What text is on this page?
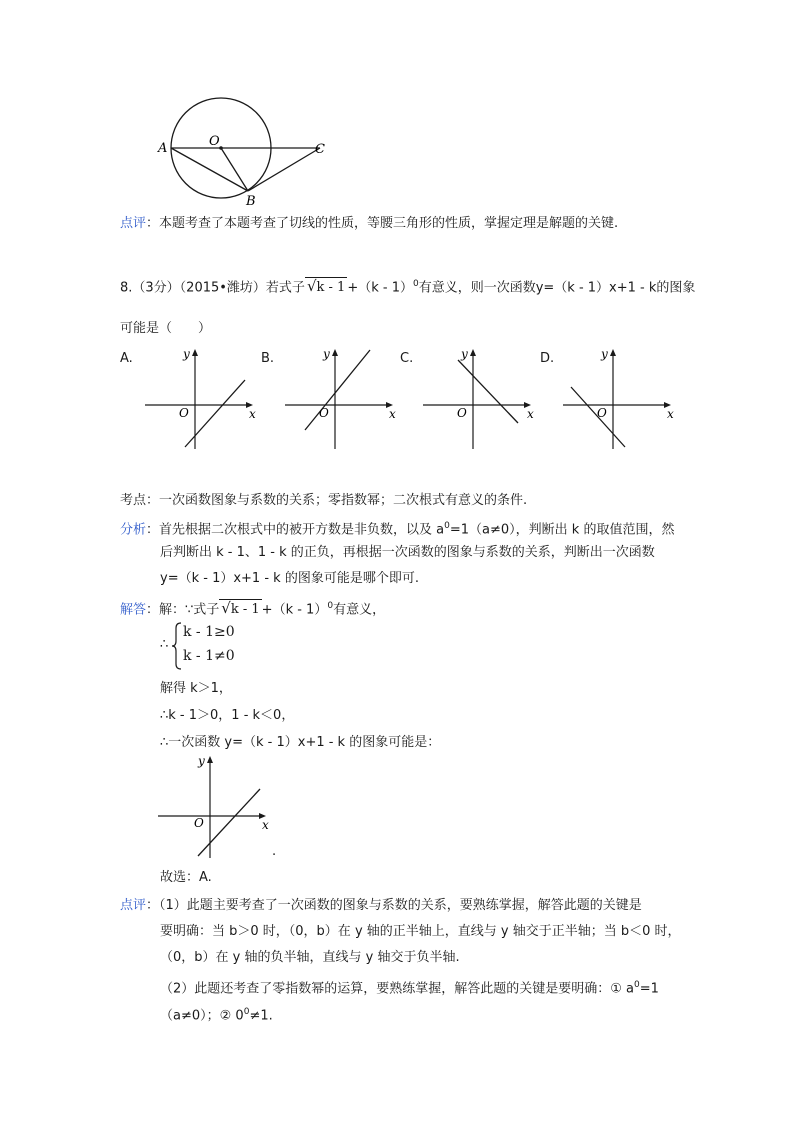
A	O
C
B
点评：本题考查了本题考查了切线的性质，等腰三角形的性质，掌握定理是解题的关键.
8.（3分）（2015•潍坊）若式子 √k - 1 +（k - 1）$^0$有意义，则一次函数y=（k - 1）x+1 - k的图象
可能是（　　）
A.	B.	C.	D.
y
O	x
y
O	x
y
O	x
y
O	x
考点：一次函数图象与系数的关系；零指数幂；二次根式有意义的条件.
分析：首先根据二次根式中的被开方数是非负数，以及 $a^0=1(a\ne 0)$，判断出 k 的取值范围，然
后判断出 k - 1、1 - k 的正负，再根据一次函数的图象与系数的关系，判断出一次函数
y=（k - 1）x+1 - k 的图象可能是哪个即可.
解答：解：∵式子 √k - 1 +（k - 1）$^0$有意义，
∴
k - 1≥0
k - 1≠0
解得 k＞1，
∴k - 1＞0，1 - k＜0，
∴一次函数 y=（k - 1）x+1 - k 的图象可能是：
y
O	x
.
故选：A.
点评：（1）此题主要考查了一次函数的图象与系数的关系，要熟练掌握，解答此题的关键是
要明确：当 b＞0 时，（0，b）在 y 轴的正半轴上，直线与 y 轴交于正半轴；当 b＜0 时，
（0，b）在 y 轴的负半轴，直线与 y 轴交于负半轴.
（2）此题还考查了零指数幂的运算，要熟练掌握，解答此题的关键是要明确：① $a^0=1$
（a≠0）；② $0^0\ne 1$.
